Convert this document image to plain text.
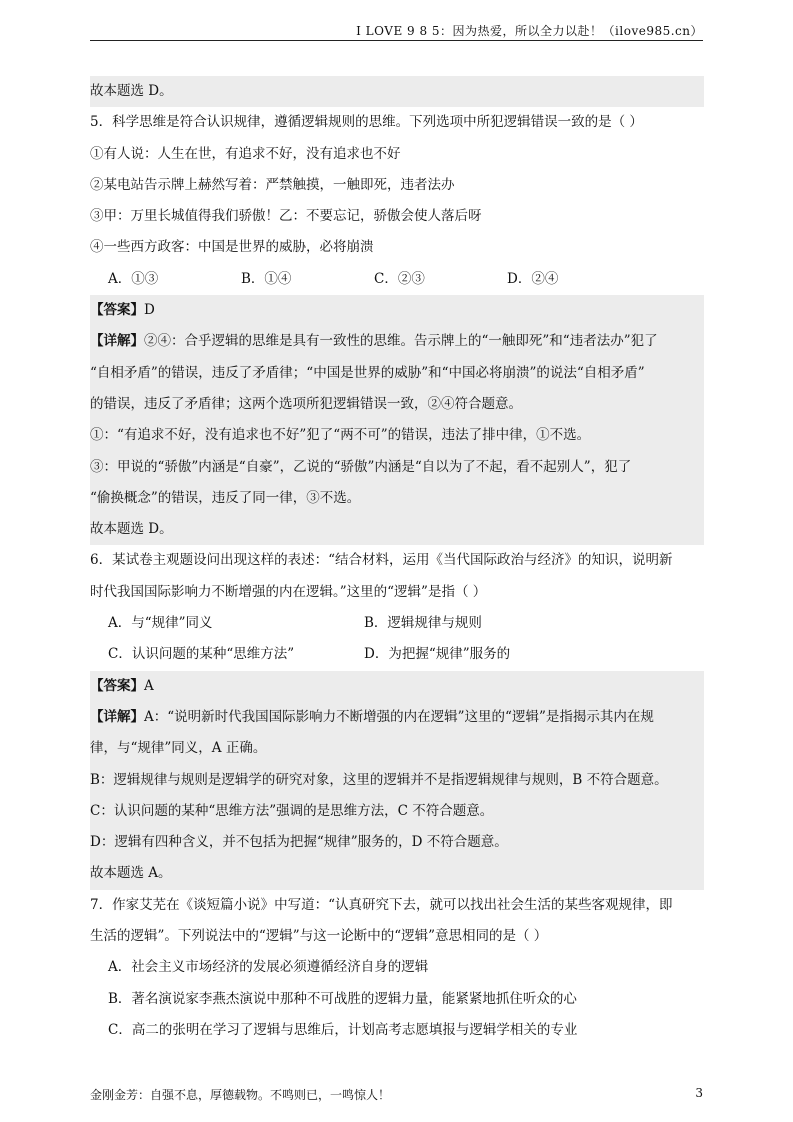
I LOVE 9 8 5：因为热爱，所以全力以赴！（ilove985.cn）
故本题选 D。
5．科学思维是符合认识规律，遵循逻辑规则的思维。下列选项中所犯逻辑错误一致的是（ ）
①有人说：人生在世，有追求不好，没有追求也不好
②某电站告示牌上赫然写着：严禁触摸，一触即死，违者法办
③甲：万里长城值得我们骄傲！乙：不要忘记，骄傲会使人落后呀
④一些西方政客：中国是世界的威胁，必将崩溃
A．①③	B．①④	C．②③	D．②④
【答案】D
【详解】②④：合乎逻辑的思维是具有一致性的思维。告示牌上的“一触即死”和“违者法办”犯了
“自相矛盾”的错误，违反了矛盾律；“中国是世界的威胁”和“中国必将崩溃”的说法“自相矛盾”
的错误，违反了矛盾律；这两个选项所犯逻辑错误一致，②④符合题意。
①：“有追求不好，没有追求也不好”犯了“两不可”的错误，违法了排中律，①不选。
③：甲说的“骄傲”内涵是“自豪”，乙说的“骄傲”内涵是“自以为了不起，看不起别人”，犯了
“偷换概念”的错误，违反了同一律，③不选。
故本题选 D。
6．某试卷主观题设问出现这样的表述：“结合材料，运用《当代国际政治与经济》的知识，说明新
时代我国国际影响力不断增强的内在逻辑。”这里的“逻辑”是指（ ）
A．与“规律”同义	B．逻辑规律与规则
C．认识问题的某种“思维方法”	D．为把握“规律”服务的
【答案】A
【详解】A：“说明新时代我国国际影响力不断增强的内在逻辑”这里的“逻辑”是指揭示其内在规
律，与“规律”同义，A 正确。
B：逻辑规律与规则是逻辑学的研究对象，这里的逻辑并不是指逻辑规律与规则，B 不符合题意。
C：认识问题的某种“思维方法”强调的是思维方法，C 不符合题意。
D：逻辑有四种含义，并不包括为把握“规律”服务的，D 不符合题意。
故本题选 A。
7．作家艾芜在《谈短篇小说》中写道：“认真研究下去，就可以找出社会生活的某些客观规律，即
生活的逻辑”。下列说法中的“逻辑”与这一论断中的“逻辑”意思相同的是（ ）
A．社会主义市场经济的发展必须遵循经济自身的逻辑
B．著名演说家李燕杰演说中那种不可战胜的逻辑力量，能紧紧地抓住听众的心
C．高二的张明在学习了逻辑与思维后，计划高考志愿填报与逻辑学相关的专业
金刚金芳：自强不息，厚德载物。不鸣则已，一鸣惊人！	3
